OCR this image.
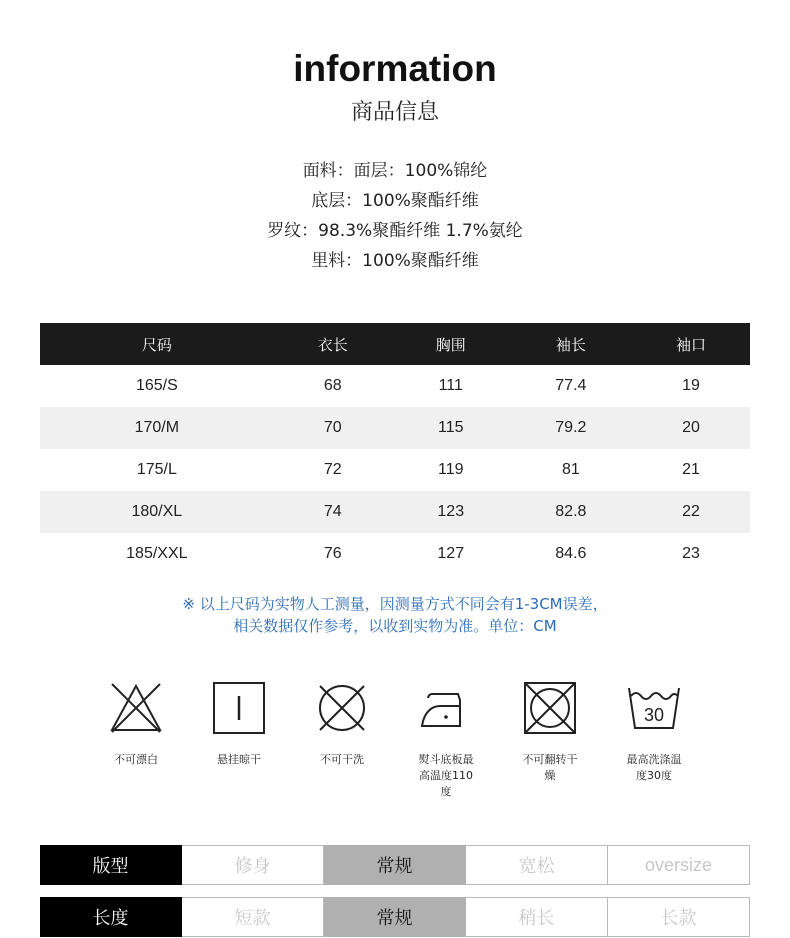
information
商品信息
面料：面层：100%锦纶
底层：100%聚酯纤维
罗纹：98.3%聚酯纤维 1.7%氨纶
里料：100%聚酯纤维
尺码	衣长	胸围	袖长	袖口
165/S	68	111	77.4	19
170/M	70	115	79.2	20
175/L	72	119	81	21
180/XL	74	123	82.8	22
185/XXL	76	127	84.6	23
※ 以上尺码为实物人工测量，因测量方式不同会有1-3CM误差，
相关数据仅作参考，以收到实物为准。单位：CM
不可漂白	悬挂晾干	不可干洗	熨斗底板最
高温度110
度
不可翻转干
燥
30
最高洗涤温
度30度
版型	修身	常规	宽松	oversize
长度	短款	常规	稍长	长款
